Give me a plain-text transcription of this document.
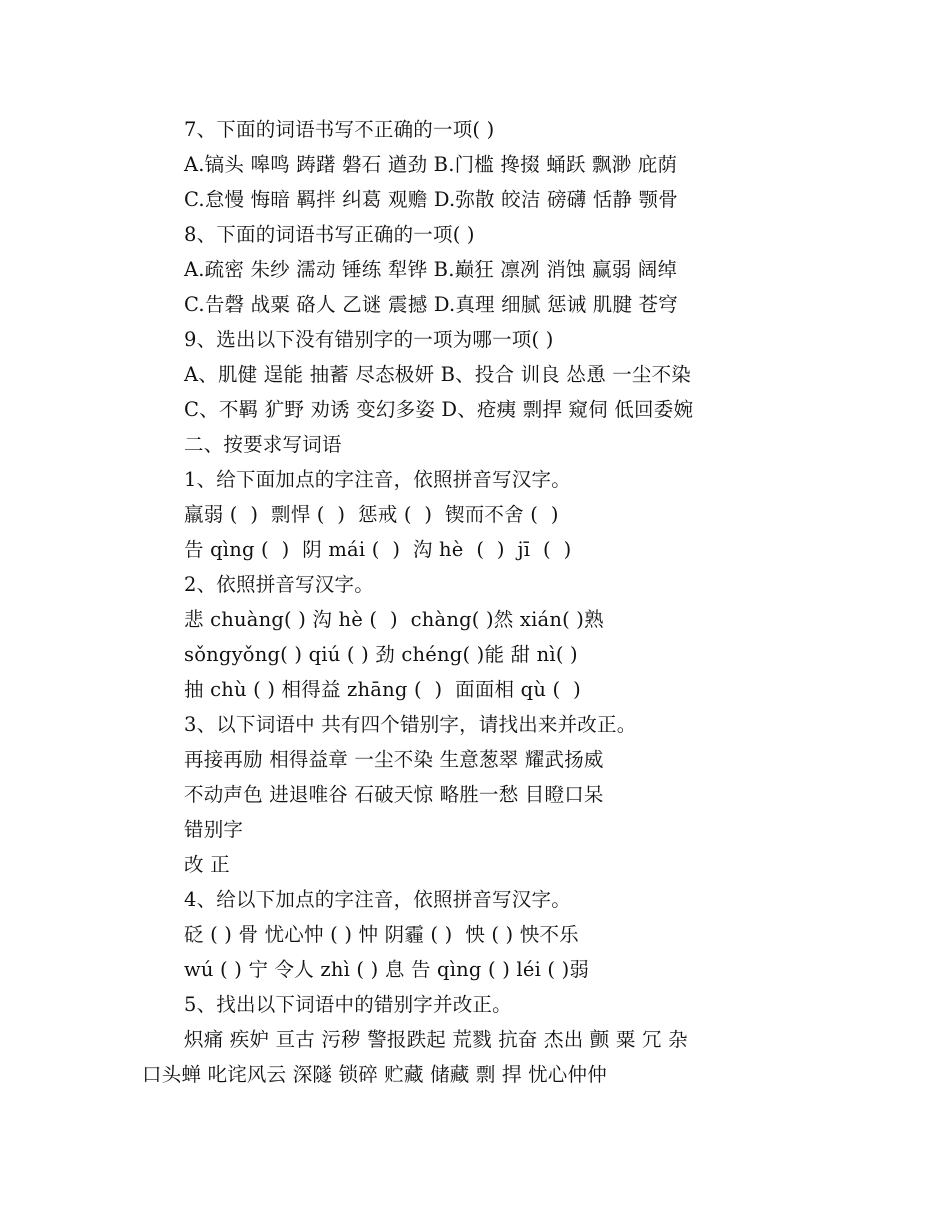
7、下面的词语书写不正确的一项( )
A.镐头 嗥鸣 踌躇 磐石 遒劲 B.门槛 搀掇 蛹跃 飘渺 庇荫
C.怠慢 悔暗 羁拌 纠葛 观赡 D.弥散 皎洁 磅礴 恬静 颚骨
8、下面的词语书写正确的一项( )
A.疏密 朱纱 濡动 锤练 犁铧 B.巅狂 凛冽 消蚀 赢弱 阔绰
C.告磬 战粟 硌人 乙谜 震撼 D.真理 细腻 惩诫 肌腱 苍穹
9、选出以下没有错别字的一项为哪一项( )
A、肌健 逞能 抽蓄 尽态极妍 B、投合 训良 怂恿 一尘不染
C、不羁 犷野 劝诱 变幻多姿 D、疮痍 剽捍 窥伺 低回委婉
二、按要求写词语
1、给下面加点的字注音，依照拼音写汉字。
羸弱 (  )  剽悍 (  )  惩戒 (  )  锲而不舍 (  )
告 qìng (  )  阴 mái (  )  沟 hè  (  )  jī  (  )
2、依照拼音写汉字。
悲 chuàng( ) 沟 hè (  )  chàng( )然 xián( )熟
sǒngyǒng( ) qiú ( ) 劲 chéng( )能 甜 nì( )
抽 chù ( ) 相得益 zhāng (  )  面面相 qù (  )
3、以下词语中 共有四个错别字，请找出来并改正。
再接再励 相得益章 一尘不染 生意葱翠 耀武扬威
不动声色 进退唯谷 石破天惊 略胜一愁 目瞪口呆
错别字
改 正
4、给以下加点的字注音，依照拼音写汉字。
砭 ( ) 骨 忧心忡 ( ) 忡 阴霾 ( )  怏 ( ) 怏不乐
wú ( ) 宁 令人 zhì ( ) 息 告 qìng ( ) léi ( )弱
5、找出以下词语中的错别字并改正。
炽痛 疾妒 亘古 污秽 警报跌起 荒戮 抗奋 杰出 颤 粟 冗 杂
口头蝉 叱诧风云 深隧 锁碎 贮藏 储藏 剽 捍 忧心仲仲
